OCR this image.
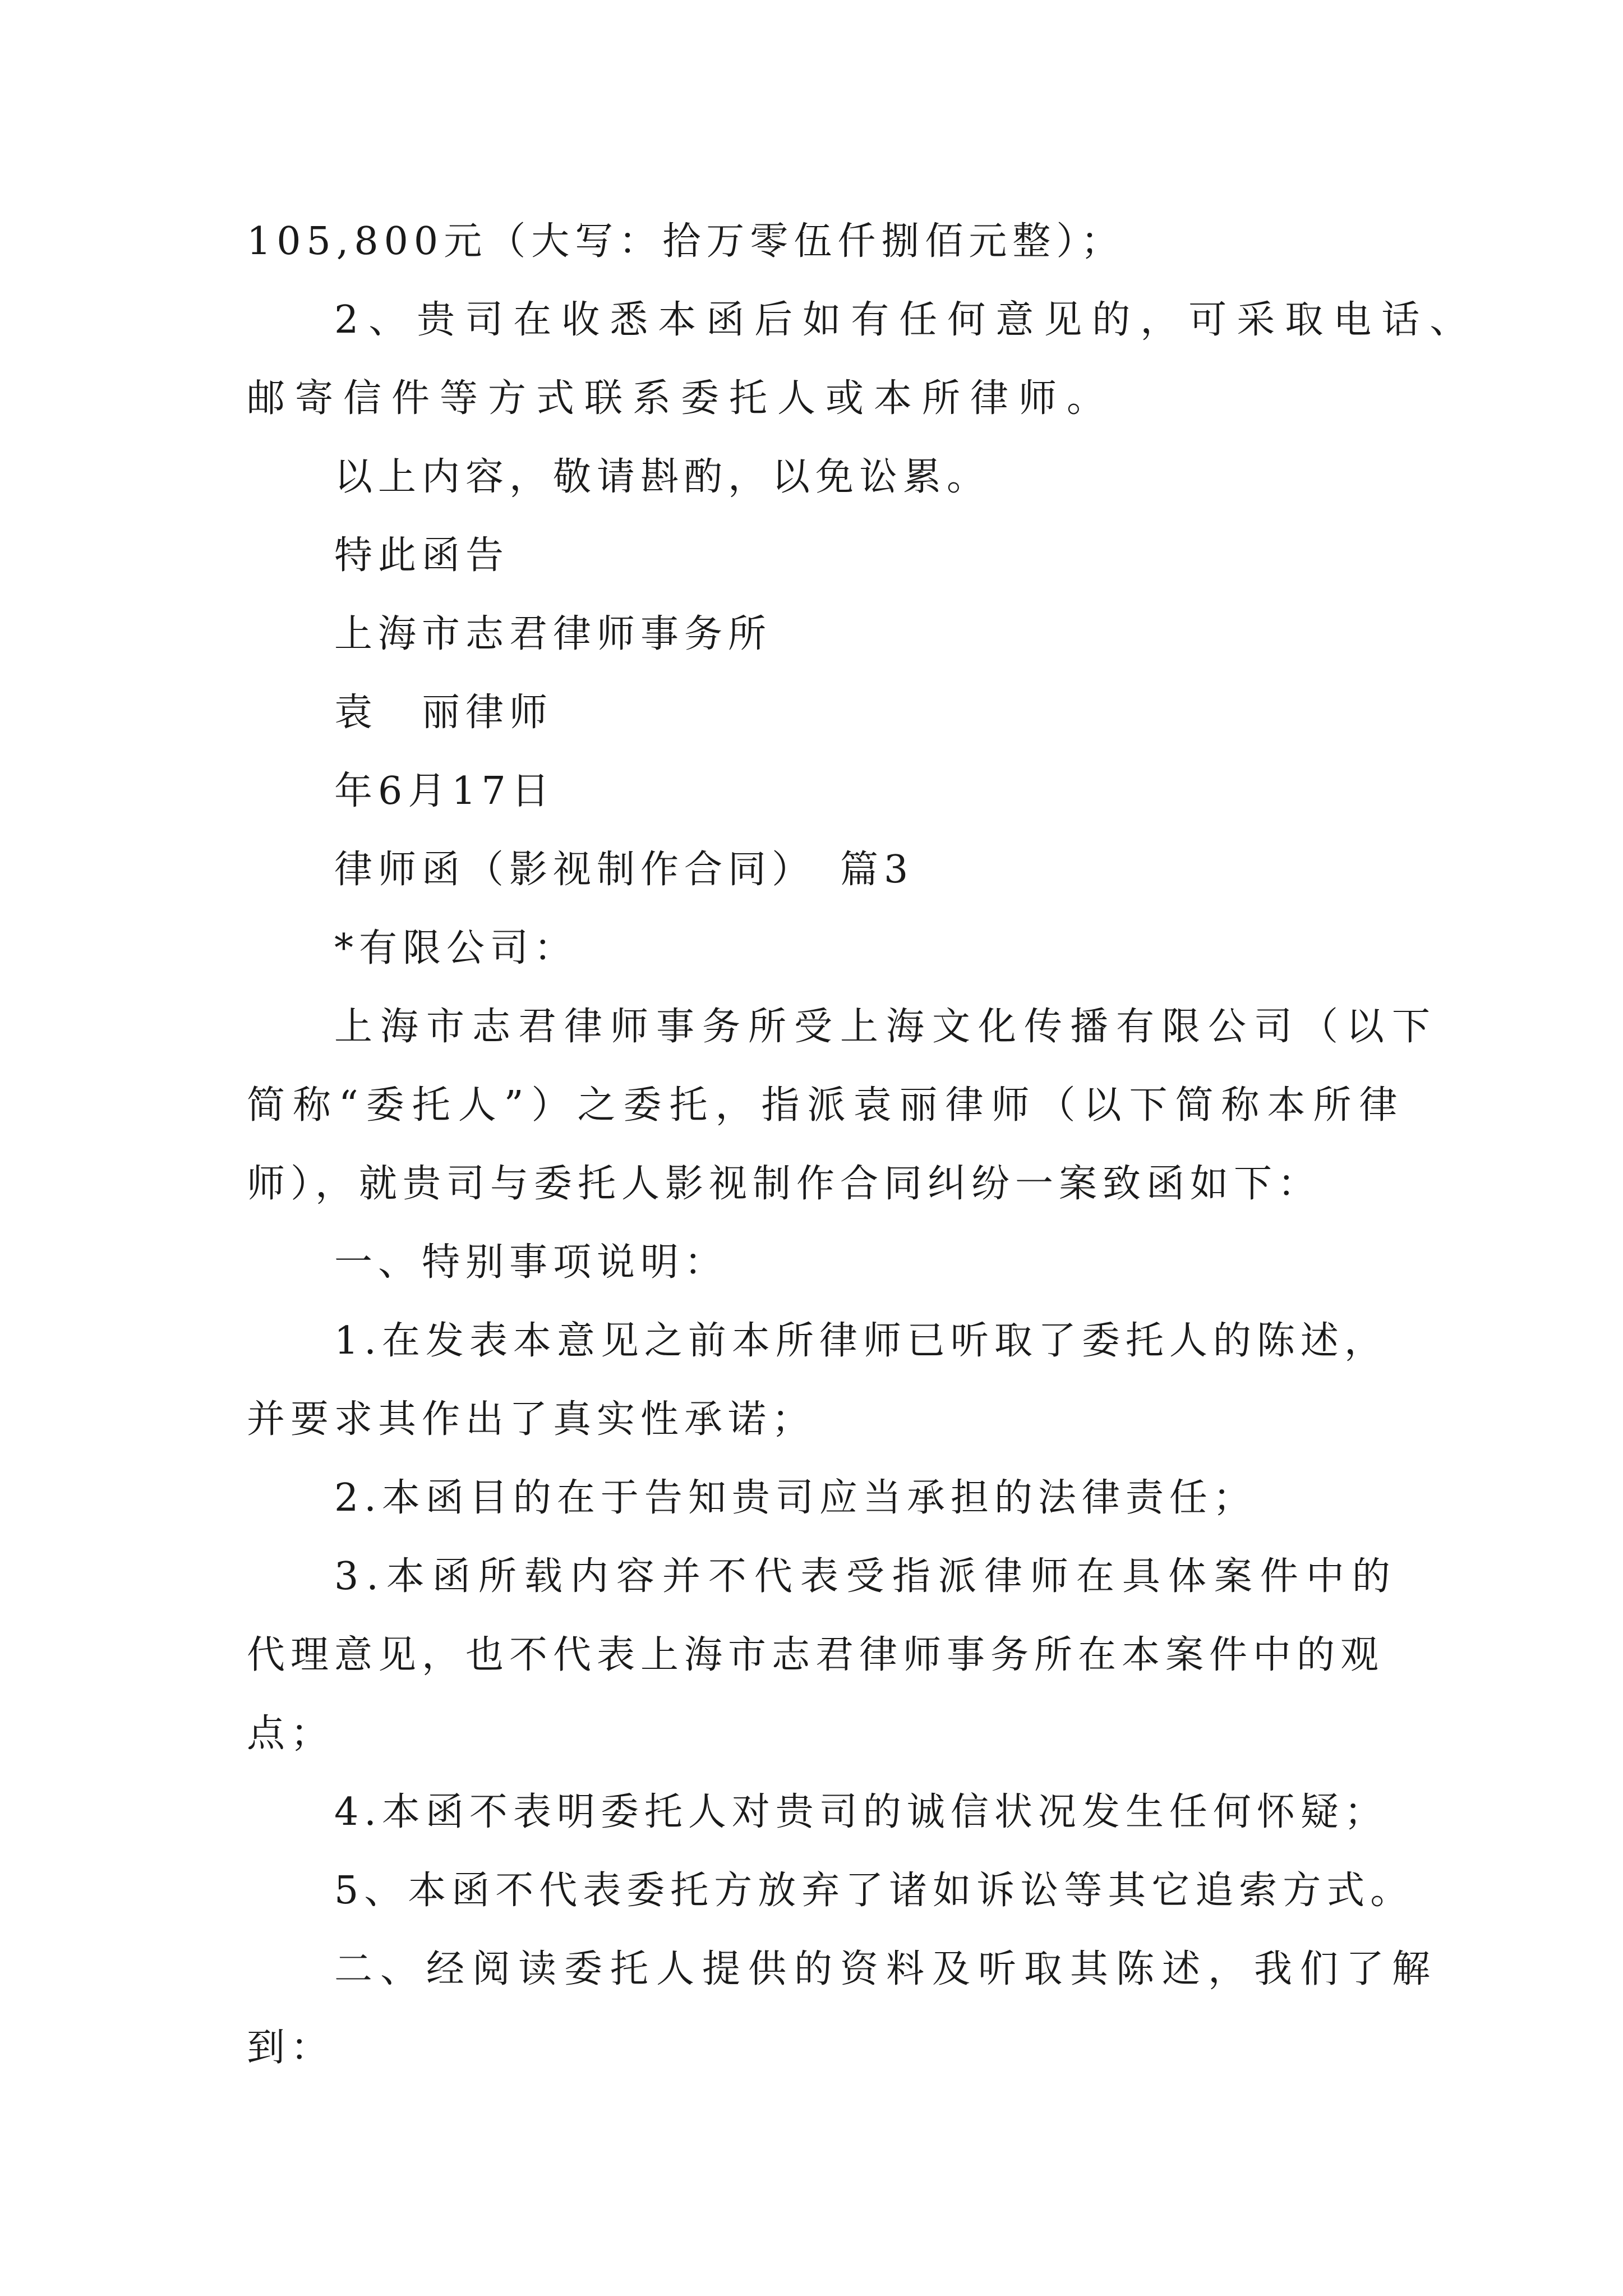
105,800元（大写：拾万零伍仟捌佰元整）；
2、贵司在收悉本函后如有任何意见的，可采取电话、
邮寄信件等方式联系委托人或本所律师。
以上内容，敬请斟酌，以免讼累。
特此函告
上海市志君律师事务所
袁　丽律师
年6月17日
律师函（影视制作合同）　篇3
*有限公司：
上海市志君律师事务所受上海文化传播有限公司（以下
简称“委托人”）之委托，指派袁丽律师（以下简称本所律
师），就贵司与委托人影视制作合同纠纷一案致函如下：
一、特别事项说明：
1.在发表本意见之前本所律师已听取了委托人的陈述，
并要求其作出了真实性承诺；
2.本函目的在于告知贵司应当承担的法律责任；
3.本函所载内容并不代表受指派律师在具体案件中的
代理意见，也不代表上海市志君律师事务所在本案件中的观
点；
4.本函不表明委托人对贵司的诚信状况发生任何怀疑；
5、本函不代表委托方放弃了诸如诉讼等其它追索方式。
二、经阅读委托人提供的资料及听取其陈述，我们了解
到：
